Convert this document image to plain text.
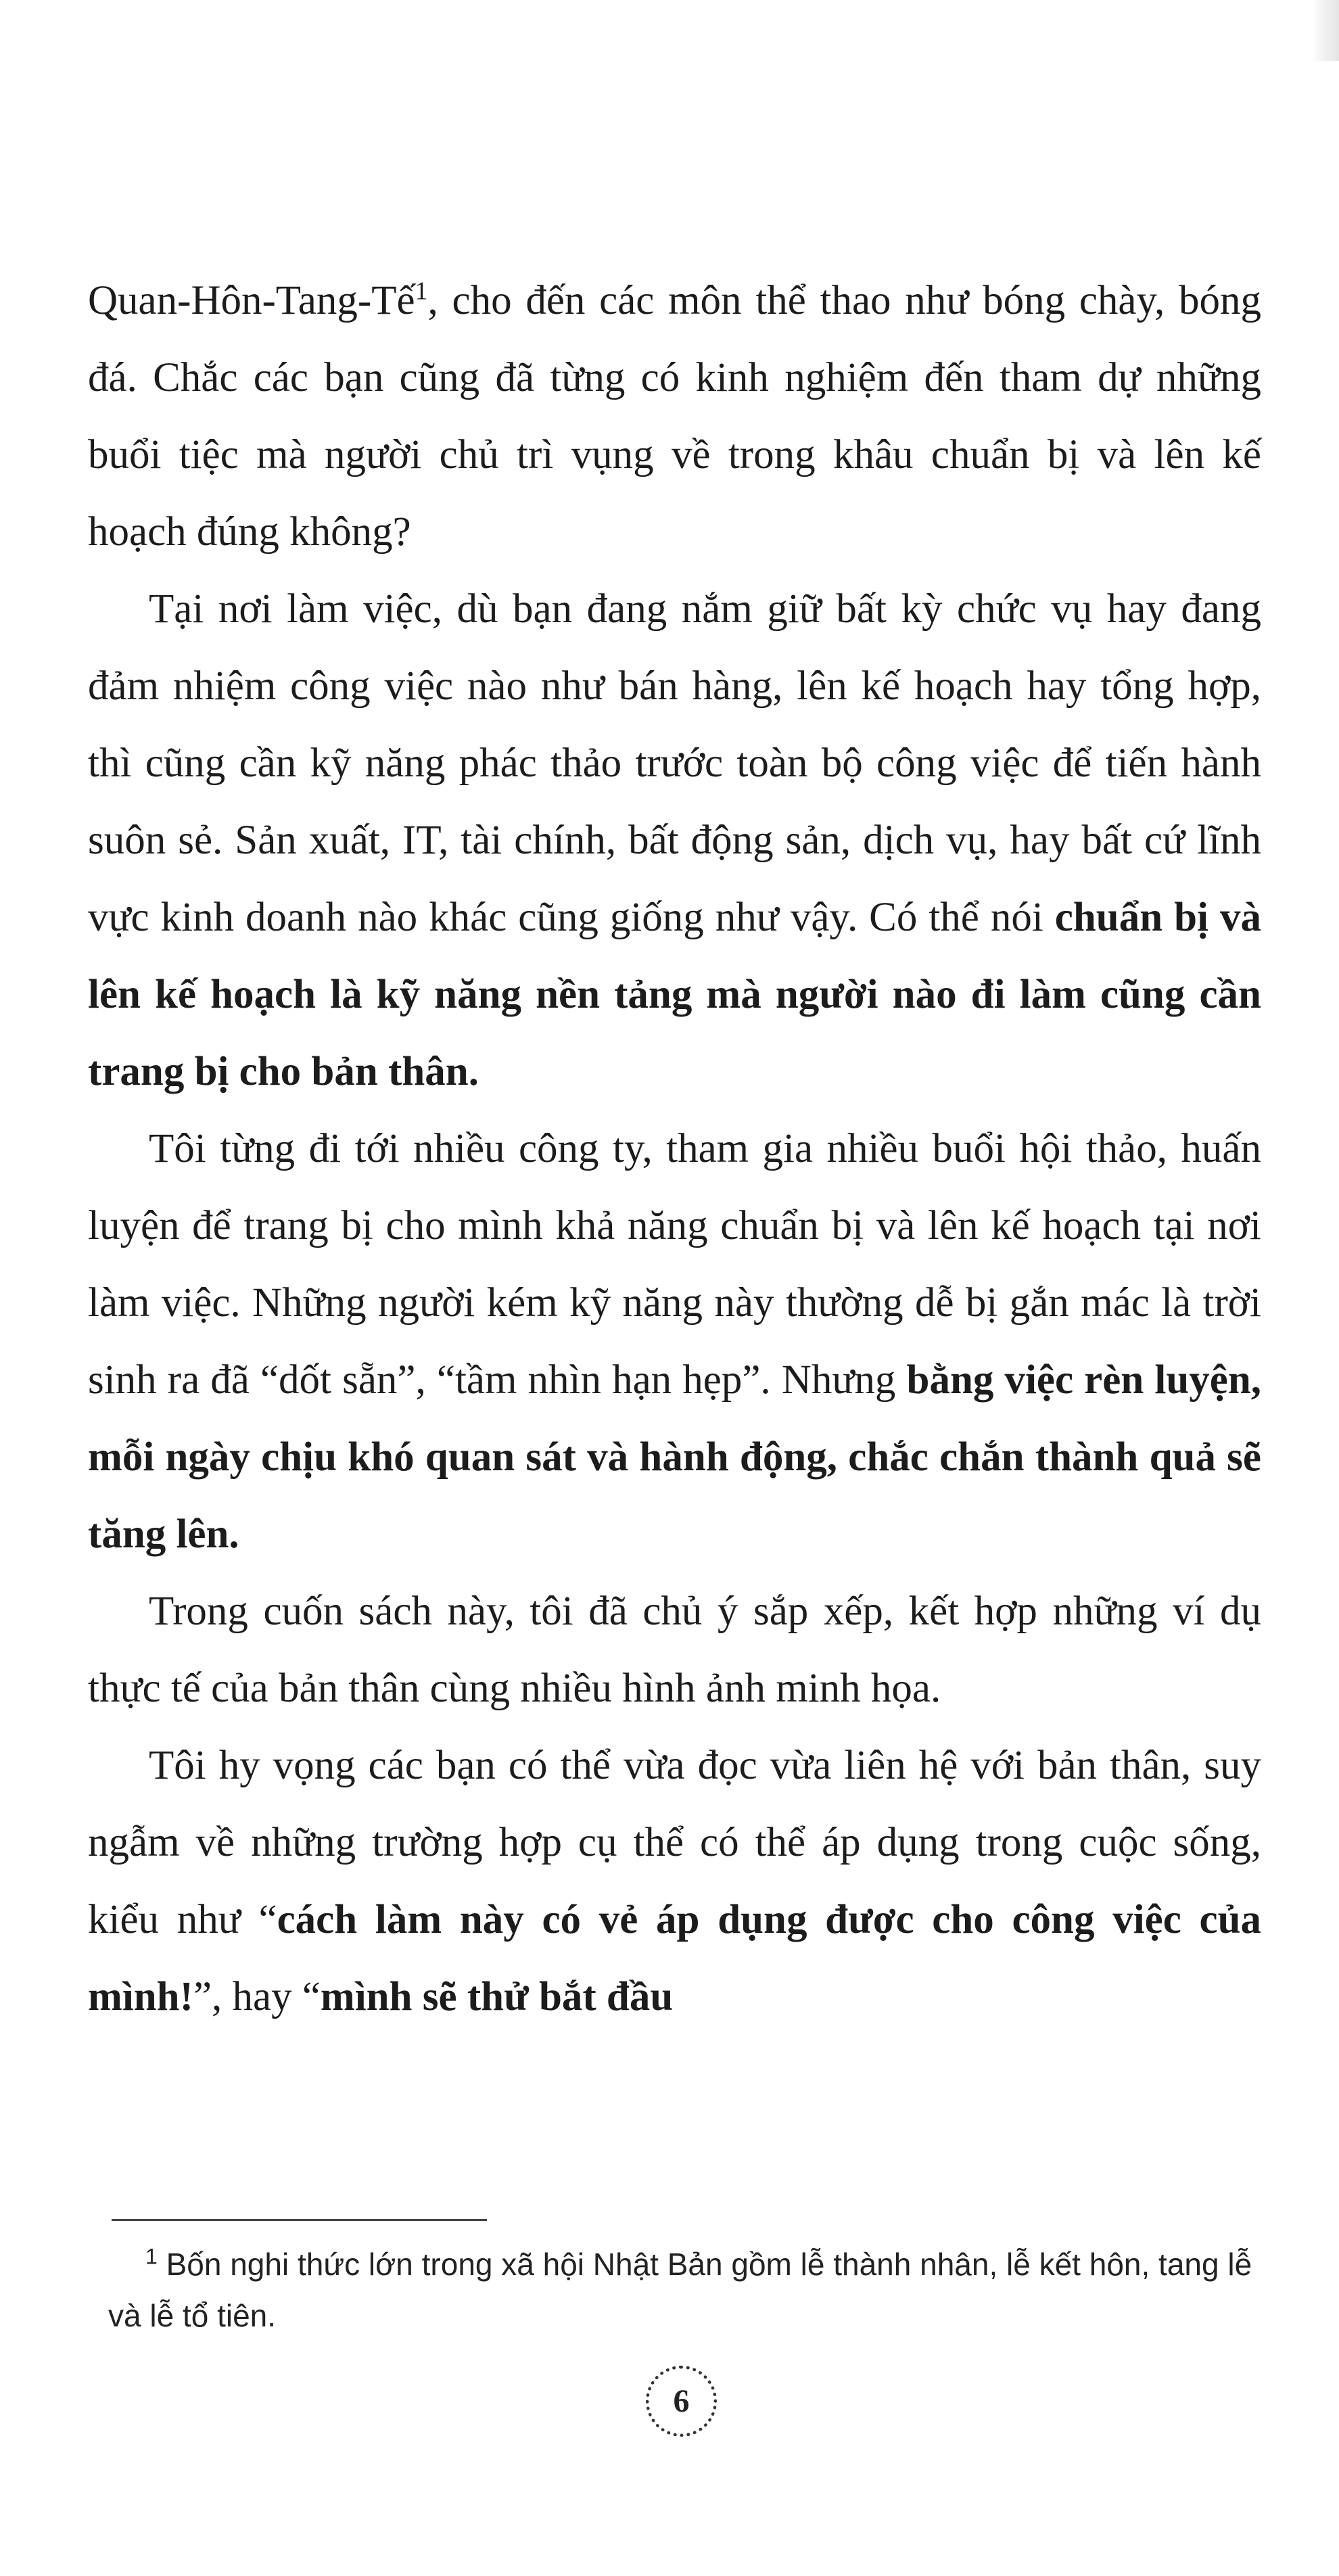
Quan-Hôn-Tang-Tế$^1$, cho đến các môn thể thao như bóng chày, bóng đá. Chắc các bạn cũng đã từng có kinh nghiệm đến tham dự những buổi tiệc mà người chủ trì vụng về trong khâu chuẩn bị và lên kế hoạch đúng không?

Tại nơi làm việc, dù bạn đang nắm giữ bất kỳ chức vụ hay đang đảm nhiệm công việc nào như bán hàng, lên kế hoạch hay tổng hợp, thì cũng cần kỹ năng phác thảo trước toàn bộ công việc để tiến hành suôn sẻ. Sản xuất, IT, tài chính, bất động sản, dịch vụ, hay bất cứ lĩnh vực kinh doanh nào khác cũng giống như vậy. Có thể nói chuẩn bị và lên kế hoạch là kỹ năng nền tảng mà người nào đi làm cũng cần trang bị cho bản thân.

Tôi từng đi tới nhiều công ty, tham gia nhiều buổi hội thảo, huấn luyện để trang bị cho mình khả năng chuẩn bị và lên kế hoạch tại nơi làm việc. Những người kém kỹ năng này thường dễ bị gắn mác là trời sinh ra đã “dốt sẵn”, “tầm nhìn hạn hẹp”. Nhưng bằng việc rèn luyện, mỗi ngày chịu khó quan sát và hành động, chắc chắn thành quả sẽ tăng lên.

Trong cuốn sách này, tôi đã chủ ý sắp xếp, kết hợp những ví dụ thực tế của bản thân cùng nhiều hình ảnh minh họa.

Tôi hy vọng các bạn có thể vừa đọc vừa liên hệ với bản thân, suy ngẫm về những trường hợp cụ thể có thể áp dụng trong cuộc sống, kiểu như “cách làm này có vẻ áp dụng được cho công việc của mình!”, hay “mình sẽ thử bắt đầu

$^1$ Bốn nghi thức lớn trong xã hội Nhật Bản gồm lễ thành nhân, lễ kết hôn, tang lễ và lễ tổ tiên.

6
